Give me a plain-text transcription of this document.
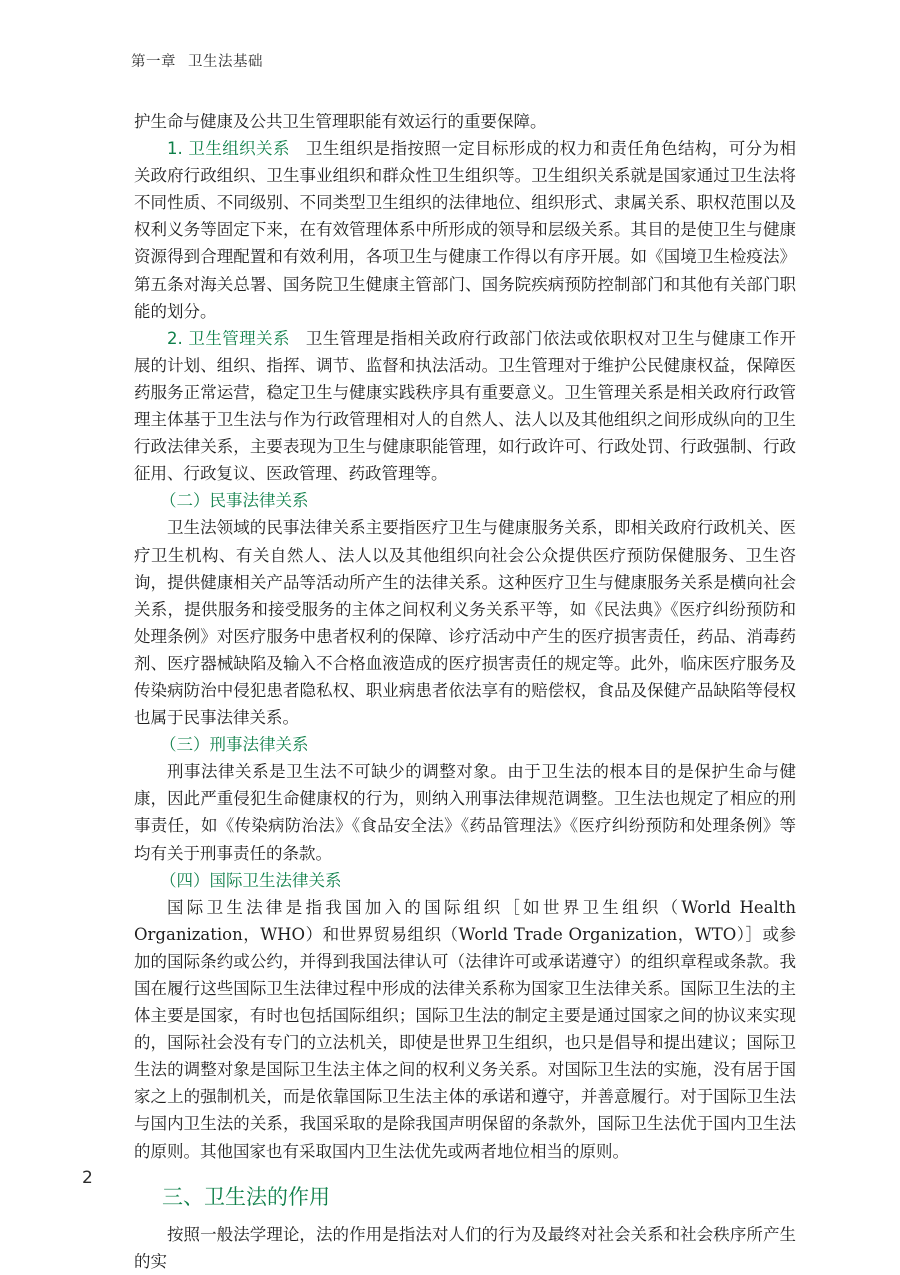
第一章 卫生法基础

护生命与健康及公共卫生管理职能有效运行的重要保障。

1. 卫生组织关系 卫生组织是指按照一定目标形成的权力和责任角色结构，可分为相关政府行政组织、卫生事业组织和群众性卫生组织等。卫生组织关系就是国家通过卫生法将不同性质、不同级别、不同类型卫生组织的法律地位、组织形式、隶属关系、职权范围以及权利义务等固定下来，在有效管理体系中所形成的领导和层级关系。其目的是使卫生与健康资源得到合理配置和有效利用，各项卫生与健康工作得以有序开展。如《国境卫生检疫法》第五条对海关总署、国务院卫生健康主管部门、国务院疾病预防控制部门和其他有关部门职能的划分。

2. 卫生管理关系 卫生管理是指相关政府行政部门依法或依职权对卫生与健康工作开展的计划、组织、指挥、调节、监督和执法活动。卫生管理对于维护公民健康权益，保障医药服务正常运营，稳定卫生与健康实践秩序具有重要意义。卫生管理关系是相关政府行政管理主体基于卫生法与作为行政管理相对人的自然人、法人以及其他组织之间形成纵向的卫生行政法律关系，主要表现为卫生与健康职能管理，如行政许可、行政处罚、行政强制、行政征用、行政复议、医政管理、药政管理等。

（二）民事法律关系

卫生法领域的民事法律关系主要指医疗卫生与健康服务关系，即相关政府行政机关、医疗卫生机构、有关自然人、法人以及其他组织向社会公众提供医疗预防保健服务、卫生咨询，提供健康相关产品等活动所产生的法律关系。这种医疗卫生与健康服务关系是横向社会关系，提供服务和接受服务的主体之间权利义务关系平等，如《民法典》《医疗纠纷预防和处理条例》对医疗服务中患者权利的保障、诊疗活动中产生的医疗损害责任，药品、消毒药剂、医疗器械缺陷及输入不合格血液造成的医疗损害责任的规定等。此外，临床医疗服务及传染病防治中侵犯患者隐私权、职业病患者依法享有的赔偿权，食品及保健产品缺陷等侵权也属于民事法律关系。

（三）刑事法律关系

刑事法律关系是卫生法不可缺少的调整对象。由于卫生法的根本目的是保护生命与健康，因此严重侵犯生命健康权的行为，则纳入刑事法律规范调整。卫生法也规定了相应的刑事责任，如《传染病防治法》《食品安全法》《药品管理法》《医疗纠纷预防和处理条例》等均有关于刑事责任的条款。

（四）国际卫生法律关系

国际卫生法律是指我国加入的国际组织［如世界卫生组织（World Health Organization，WHO）和世界贸易组织（World Trade Organization，WTO）］或参加的国际条约或公约，并得到我国法律认可（法律许可或承诺遵守）的组织章程或条款。我国在履行这些国际卫生法律过程中形成的法律关系称为国家卫生法律关系。国际卫生法的主体主要是国家，有时也包括国际组织；国际卫生法的制定主要是通过国家之间的协议来实现的，国际社会没有专门的立法机关，即使是世界卫生组织，也只是倡导和提出建议；国际卫生法的调整对象是国际卫生法主体之间的权利义务关系。对国际卫生法的实施，没有居于国家之上的强制机关，而是依靠国际卫生法主体的承诺和遵守，并善意履行。对于国际卫生法与国内卫生法的关系，我国采取的是除我国声明保留的条款外，国际卫生法优于国内卫生法的原则。其他国家也有采取国内卫生法优先或两者地位相当的原则。

三、卫生法的作用

按照一般法学理论，法的作用是指法对人们的行为及最终对社会关系和社会秩序所产生的实

2
